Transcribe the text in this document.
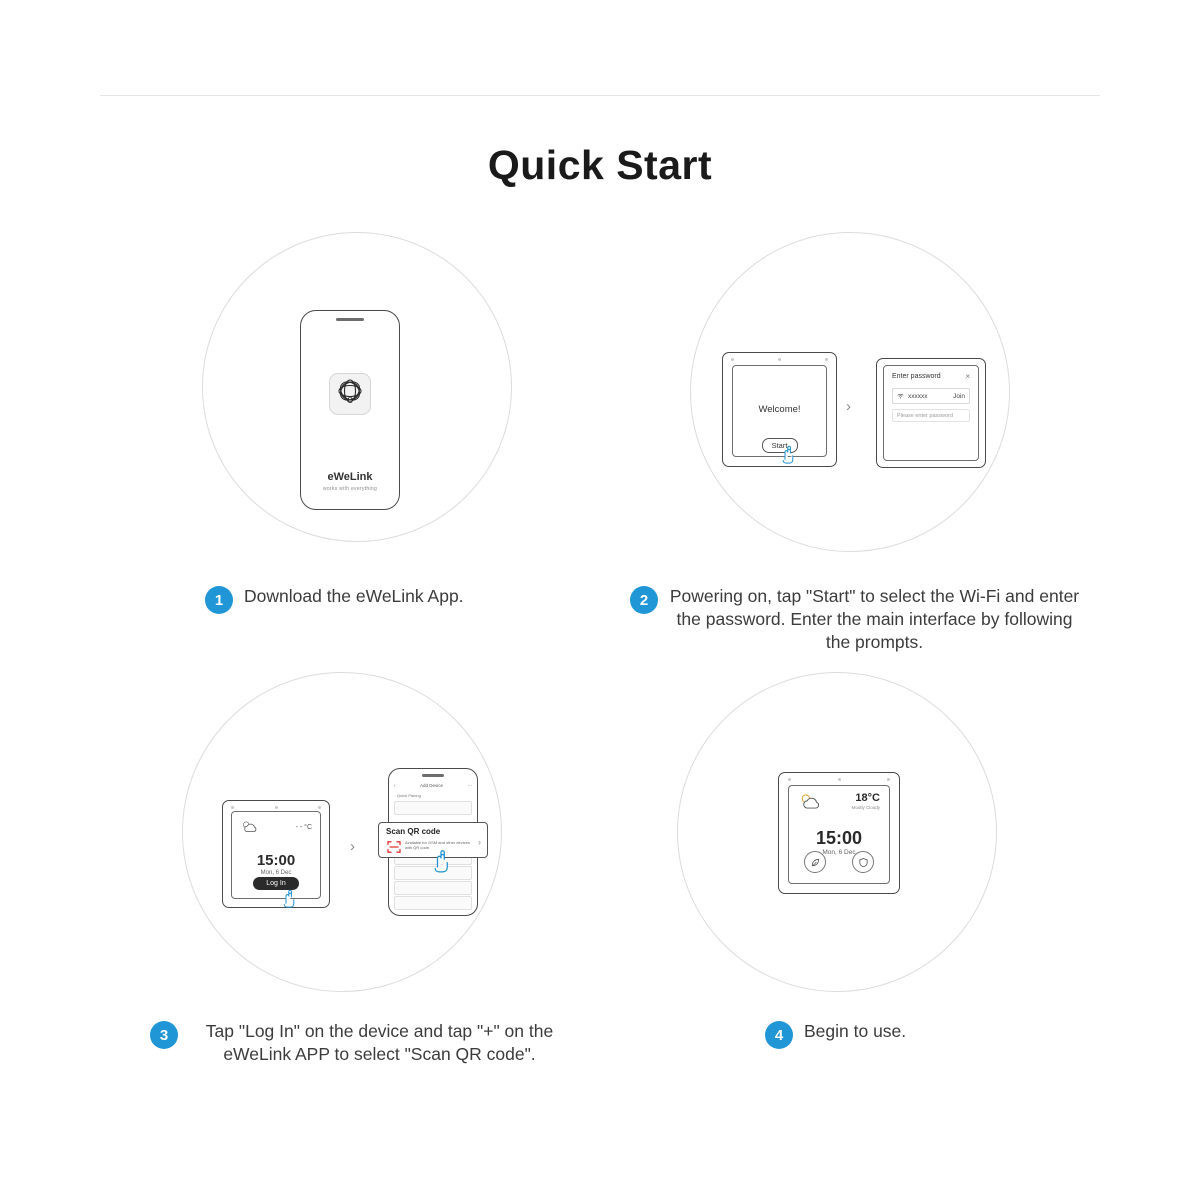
Quick Start
e
eWeLink
works with everything
1	Download the eWeLink App.
Welcome!
Start
›
Enter password	×
xxxxxx	Join
Please enter password
2	Powering on, tap "Start" to select the Wi-Fi and enter the password. Enter the main interface by following the prompts.
- - °C
15:00
Mon, 6 Dec
Log In
›
‹	Add Device	···
Quick Pairing
Scan QR code
Available for GSM and other devices with QR code.
›
3	Tap "Log In" on the device and tap "+" on the eWeLink APP to select "Scan QR code".
18°C
Mostly Cloudy
15:00
Mon, 6 Dec
4	Begin to use.
